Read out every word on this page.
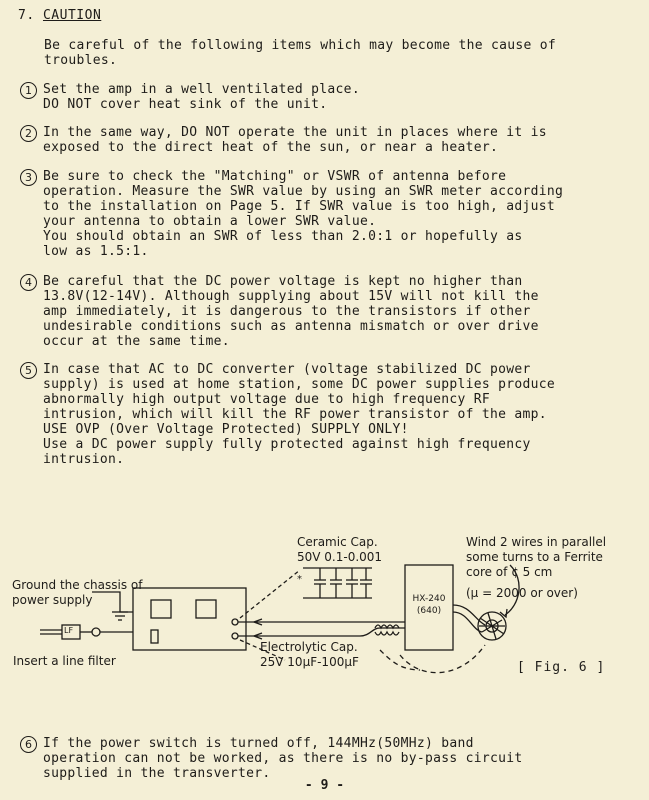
7. CAUTION
Be careful of the following items which may become the cause of
troubles.
1 Set the amp in a well ventilated place.
DO NOT cover heat sink of the unit.
2 In the same way, DO NOT operate the unit in places where it is
exposed to the direct heat of the sun, or near a heater.
3 Be sure to check the "Matching" or VSWR of antenna before
operation. Measure the SWR value by using an SWR meter according
to the installation on Page 5. If SWR value is too high, adjust
your antenna to obtain a lower SWR value.
You should obtain an SWR of less than 2.0:1 or hopefully as
low as 1.5:1.
4 Be careful that the DC power voltage is kept no higher than
13.8V(12-14V). Although supplying about 15V will not kill the
amp immediately, it is dangerous to the transistors if other
undesirable conditions such as antenna mismatch or over drive
occur at the same time.
5 In case that AC to DC converter (voltage stabilized DC power
supply) is used at home station, some DC power supplies produce
abnormally high output voltage due to high frequency RF
intrusion, which will kill the RF power transistor of the amp.
USE OVP (Over Voltage Protected) SUPPLY ONLY!
Use a DC power supply fully protected against high frequency
intrusion.
*
Ground the chassis of
power supply
LF
Insert a line filter
Ceramic Cap.
50V 0.1-0.001
Electrolytic Cap.
25V 10µF-100µF
HX-240
(640)
Wind 2 wires in parallel
some turns to a Ferrite
core of ¢ 5 cm
(µ = 2000 or over)
[ Fig. 6 ]
6 If the power switch is turned off, 144MHz(50MHz) band
operation can not be worked, as there is no by-pass circuit
supplied in the transverter.
- 9 -
